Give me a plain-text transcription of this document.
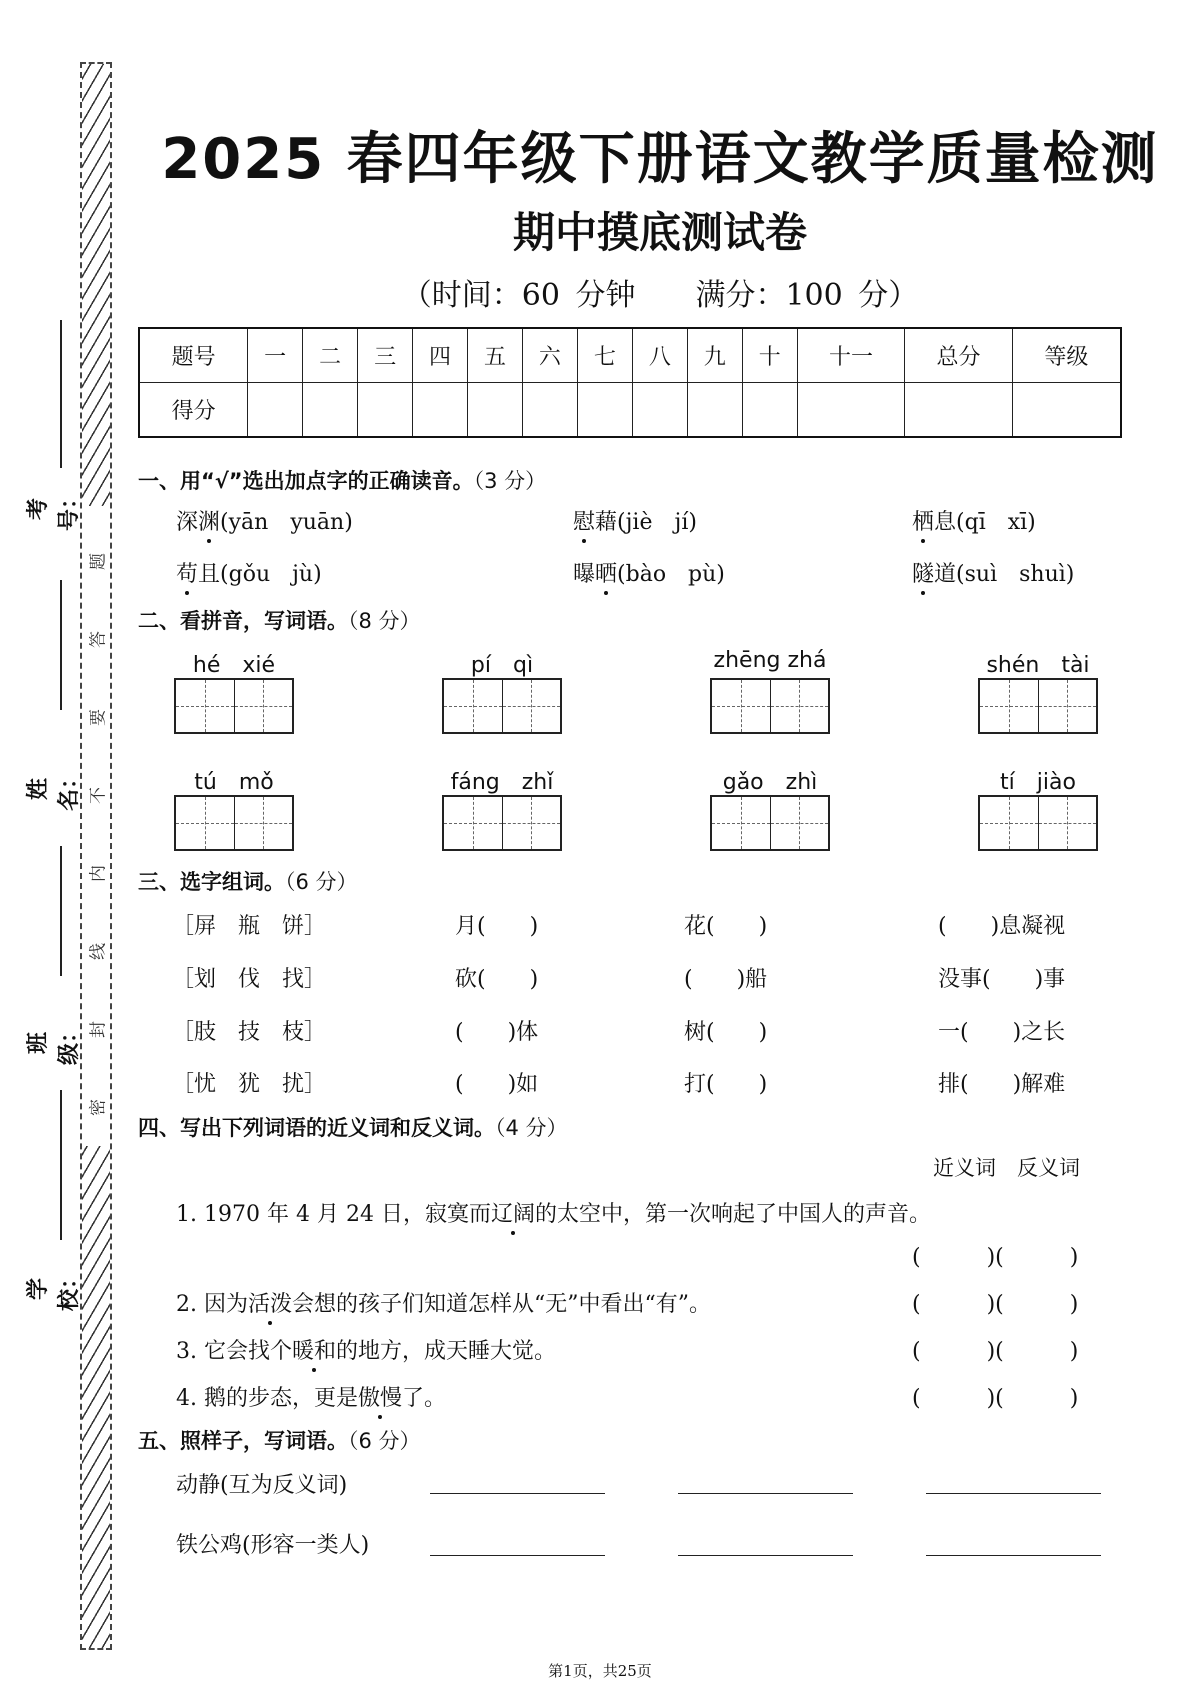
题
答
要
不
内
线
封
密
考号：
姓名：
班级：
学校：
2025 春四年级下册语文教学质量检测
期中摸底测试卷
（时间：60 分钟　　满分：100 分）
题号	一	二	三	四	五	六	七	八	九	十	十一	总分	等级
得分													
一、用“√”选出加点字的正确读音。（3 分）
深渊(yān　yuān)	慰藉(jiè　jí)	栖息(qī　xī)
苟且(gǒu　jù)	曝晒(bào　pù)	隧道(suì　shuì)
二、看拼音，写词语。（8 分）
hé　xié	pí　qì	zhēng zhá	shén　tài
tú　mǒ	fáng　zhǐ	gǎo　zhì	tí　jiào
三、选字组词。（6 分）
［屏　瓶　饼］	月(　　)	花(　　)	(　　)息凝视
［划　伐　找］	砍(　　)	(　　)船	没事(　　)事
［肢　技　枝］	(　　)体	树(　　)	一(　　)之长
［忧　犹　扰］	(　　)如	打(　　)	排(　　)解难
四、写出下列词语的近义词和反义词。（4 分）
近义词　反义词
1. 1970 年 4 月 24 日，寂寞而辽阔的太空中，第一次响起了中国人的声音。
(　　　)(　　　)
2. 因为活泼会想的孩子们知道怎样从“无”中看出“有”。	(　　　)(　　　)
3. 它会找个暖和的地方，成天睡大觉。	(　　　)(　　　)
4. 鹅的步态，更是傲慢了。	(　　　)(　　　)
五、照样子，写词语。（6 分）
动静(互为反义词)
铁公鸡(形容一类人)
第1页，共25页
